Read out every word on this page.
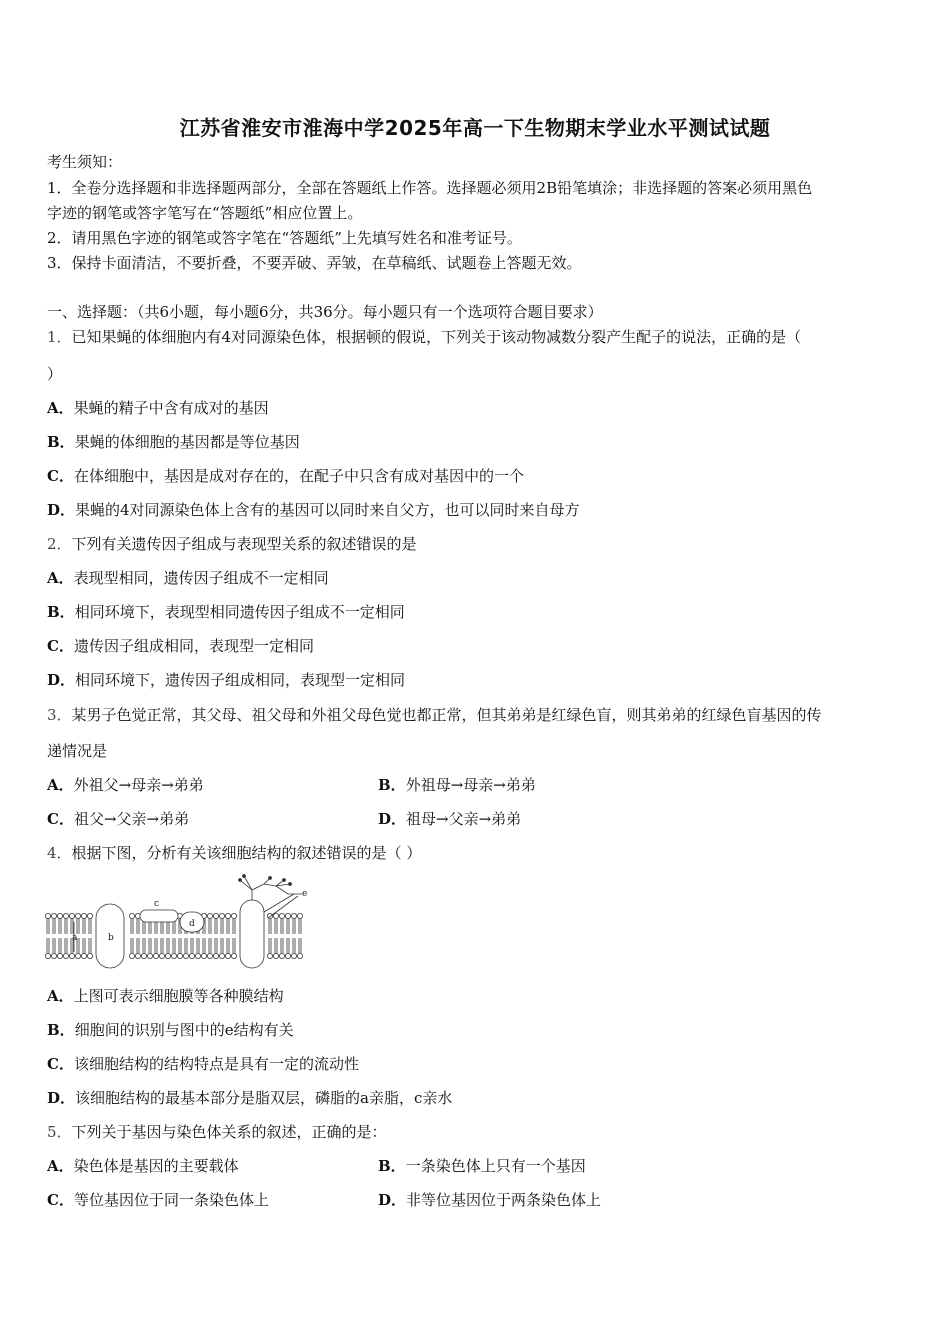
江苏省淮安市淮海中学2025年高一下生物期末学业水平测试试题
考生须知：
1．全卷分选择题和非选择题两部分，全部在答题纸上作答。选择题必须用2B铅笔填涂；非选择题的答案必须用黑色
字迹的钢笔或答字笔写在“答题纸”相应位置上。
2．请用黑色字迹的钢笔或答字笔在“答题纸”上先填写姓名和准考证号。
3．保持卡面清洁，不要折叠，不要弄破、弄皱，在草稿纸、试题卷上答题无效。
一、选择题：（共6小题，每小题6分，共36分。每小题只有一个选项符合题目要求）
1．已知果蝇的体细胞内有4对同源染色体，根据顿的假说，下列关于该动物减数分裂产生配子的说法，正确的是（
）
A．果蝇的精子中含有成对的基因
B．果蝇的体细胞的基因都是等位基因
C．在体细胞中，基因是成对存在的，在配子中只含有成对基因中的一个
D．果蝇的4对同源染色体上含有的基因可以同时来自父方，也可以同时来自母方
2．下列有关遗传因子组成与表现型关系的叙述错误的是
A．表现型相同，遗传因子组成不一定相同
B．相同环境下，表现型相同遗传因子组成不一定相同
C．遗传因子组成相同，表现型一定相同
D．相同环境下，遗传因子组成相同，表现型一定相同
3．某男子色觉正常，其父母、祖父母和外祖父母色觉也都正常，但其弟弟是红绿色盲，则其弟弟的红绿色盲基因的传
递情况是
A．外祖父→母亲→弟弟	B．外祖母→母亲→弟弟
C．祖父→父亲→弟弟	D．祖母→父亲→弟弟
4．根据下图，分析有关该细胞结构的叙述错误的是（ ）
a	b
c
d
e
A．上图可表示细胞膜等各种膜结构
B．细胞间的识别与图中的e结构有关
C．该细胞结构的结构特点是具有一定的流动性
D．该细胞结构的最基本部分是脂双层，磷脂的a亲脂，c亲水
5．下列关于基因与染色体关系的叙述，正确的是：
A．染色体是基因的主要载体	B．一条染色体上只有一个基因
C．等位基因位于同一条染色体上	D．非等位基因位于两条染色体上
